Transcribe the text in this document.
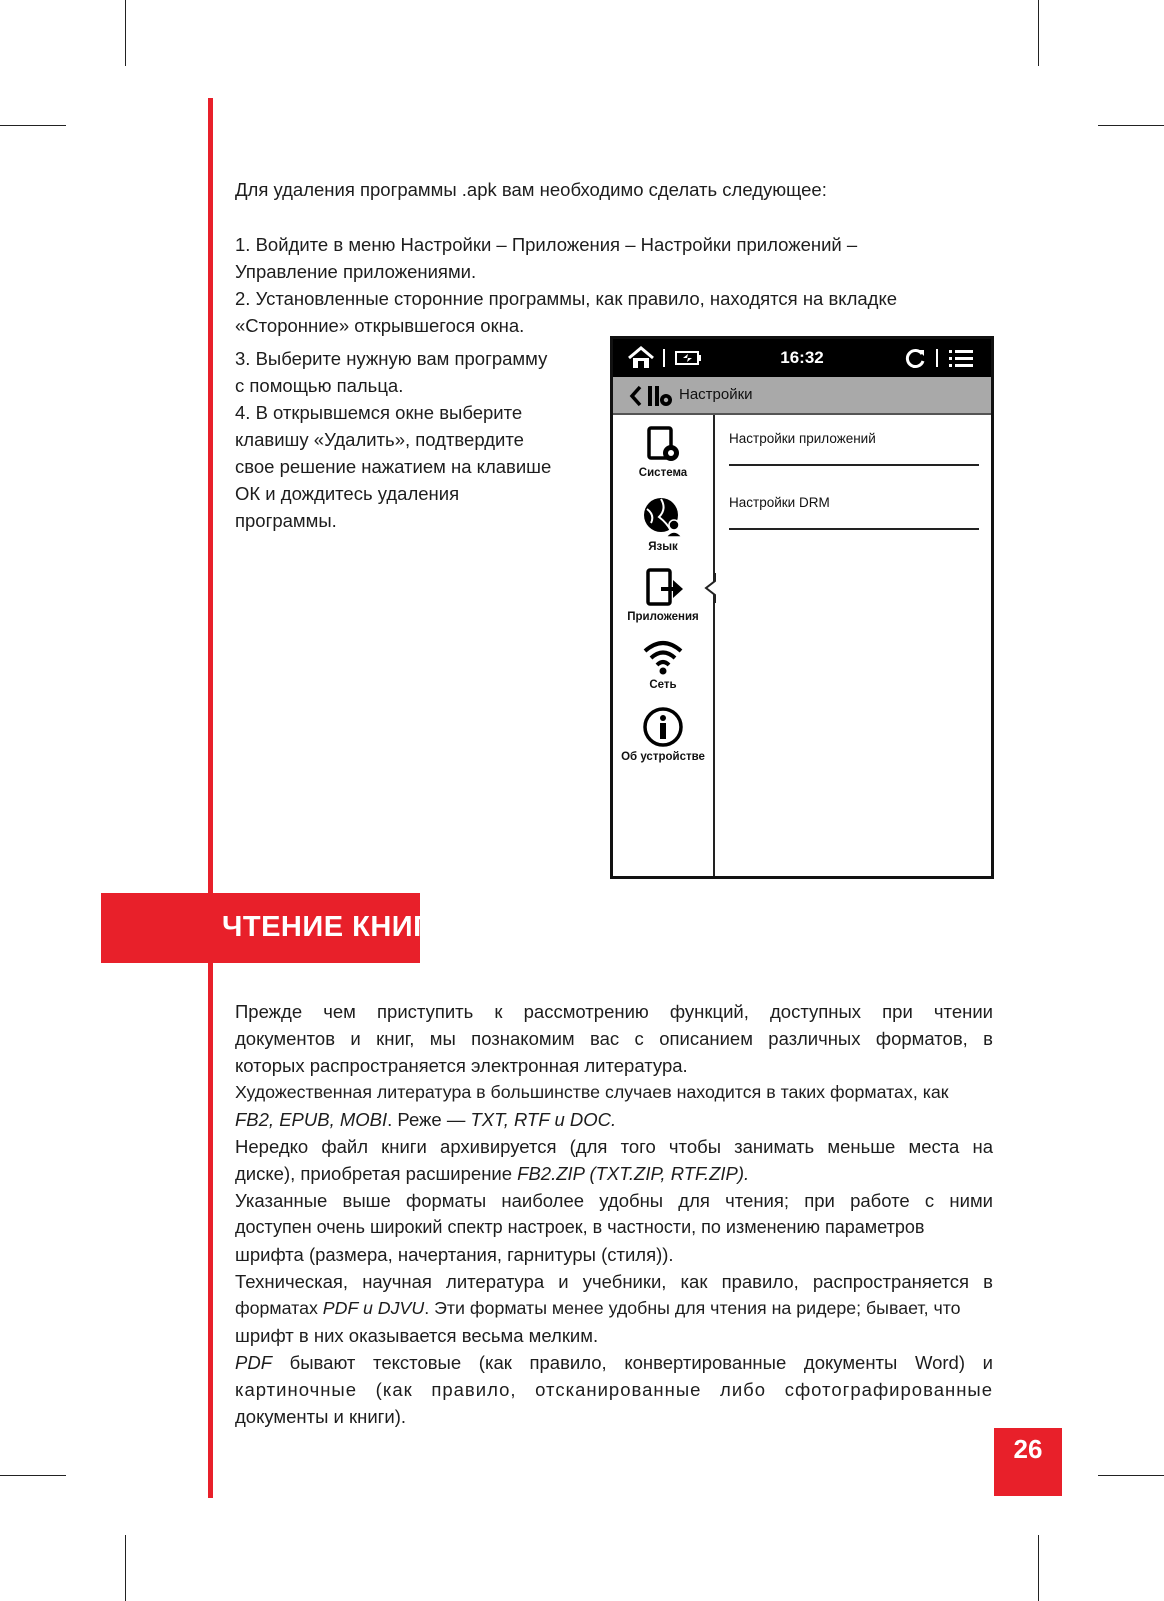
Для удаления программы .apk вам необходимо сделать следующее:

1. Войдите в меню Настройки – Приложения – Настройки приложений –

Управление приложениями.

2. Установленные сторонние программы, как правило, находятся на вкладке

«Сторонние» открывшегося окна.

3. Выберите нужную вам программу

с помощью пальца.

4. В открывшемся окне выберите

клавишу «Удалить», подтвердите

свое решение нажатием на клавише

ОК и дождитесь удаления

программы.

16:32
Настройки
Система
Язык
Приложения
Сеть
Об устройстве
Настройки приложений
Настройки DRM
ЧТЕНИЕ КНИГ
Прежде чем приступить к рассмотрению функций, доступных при чтении
документов и книг, мы познакомим вас с описанием различных форматов, в
которых распространяется электронная литература.
Художественная литература в большинстве случаев находится в таких форматах, как
FB2, EPUB, MOBI. Реже — TXT, RTF и DOC.
Нередко файл книги архивируется (для того чтобы занимать меньше места на
диске), приобретая расширение FB2.ZIP (TXT.ZIP, RTF.ZIP).
Указанные выше форматы наиболее удобны для чтения; при работе с ними
доступен очень широкий спектр настроек, в частности, по изменению параметров
шрифта (размера, начертания, гарнитуры (стиля)).
Техническая, научная литература и учебники, как правило, распространяется в
форматах PDF и DJVU. Эти форматы менее удобны для чтения на ридере; бывает, что
шрифт в них оказывается весьма мелким.
PDF бывают текстовые (как правило, конвертированные документы Word) и
картиночные (как правило, отсканированные либо сфотографированные
документы и книги).
26
